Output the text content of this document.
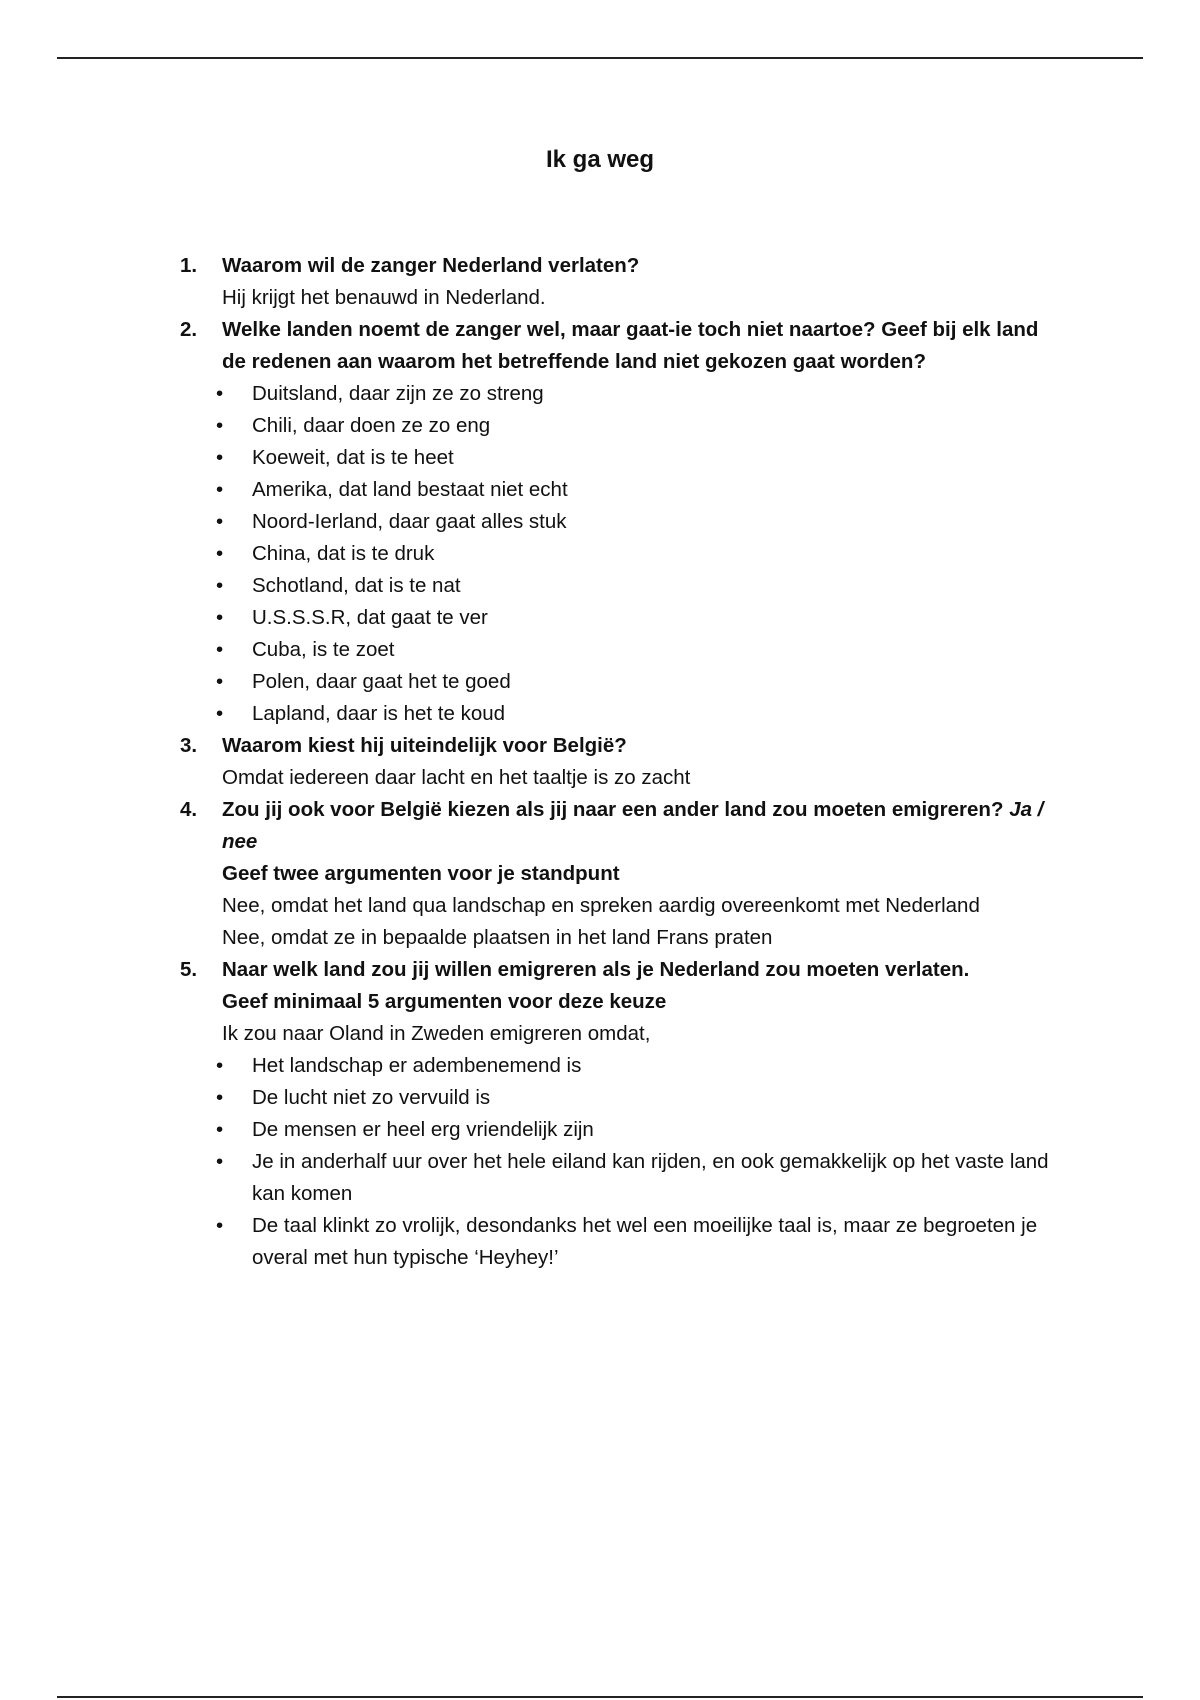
Ik ga weg
1.	Waarom wil de zanger Nederland verlaten?
Hij krijgt het benauwd in Nederland.
2.	Welke landen noemt de zanger wel, maar gaat-ie toch niet naartoe? Geef bij elk land de redenen aan waarom het betreffende land niet gekozen gaat worden?
•	Duitsland, daar zijn ze zo streng
•	Chili, daar doen ze zo eng
•	Koeweit, dat is te heet
•	Amerika, dat land bestaat niet echt
•	Noord-Ierland, daar gaat alles stuk
•	China, dat is te druk
•	Schotland, dat is te nat
•	U.S.S.S.R, dat gaat te ver
•	Cuba, is te zoet
•	Polen, daar gaat het te goed
•	Lapland, daar is het te koud
3.	Waarom kiest hij uiteindelijk voor België?
Omdat iedereen daar lacht en het taaltje is zo zacht
4.	Zou jij ook voor België kiezen als jij naar een ander land zou moeten emigreren? Ja / nee
Geef twee argumenten voor je standpunt
Nee, omdat het land qua landschap en spreken aardig overeenkomt met Nederland
Nee, omdat ze in bepaalde plaatsen in het land Frans praten
5.	Naar welk land zou jij willen emigreren als je Nederland zou moeten verlaten.
Geef minimaal 5 argumenten voor deze keuze
Ik zou naar Oland in Zweden emigreren omdat,
•	Het landschap er adembenemend is
•	De lucht niet zo vervuild is
•	De mensen er heel erg vriendelijk zijn
•	Je in anderhalf uur over het hele eiland kan rijden, en ook gemakkelijk op het vaste land kan komen
•	De taal klinkt zo vrolijk, desondanks het wel een moeilijke taal is, maar ze begroeten je overal met hun typische ‘Heyhey!’
